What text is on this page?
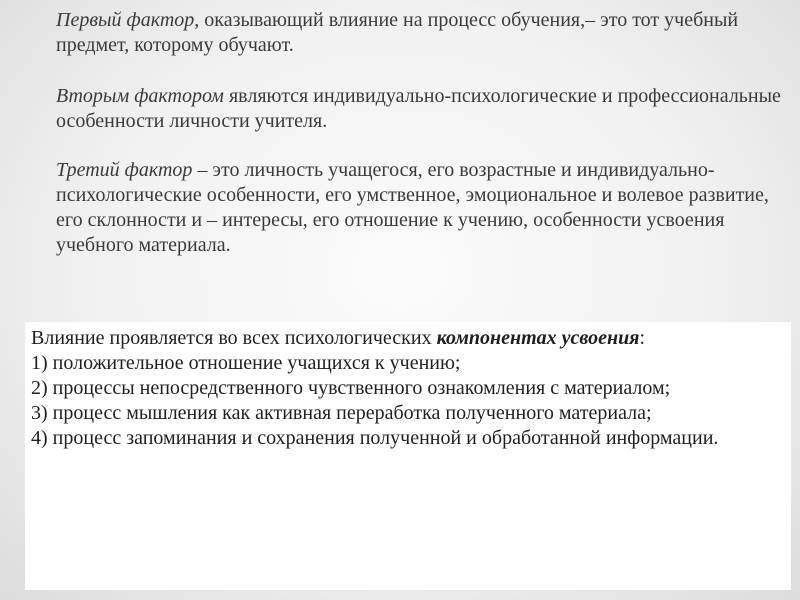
Первый фактор, оказывающий влияние на процесс обучения,– это тот учебный предмет, которому обучают.

Вторым фактором являются индивидуально-психологические и профессиональные особенности личности учителя.

Третий фактор – это личность учащегося, его возрастные и индивидуально-психологические особенности, его умственное, эмоциональное и волевое развитие, его склонности и – интересы, его отношение к учению, особенности усвоения учебного материала.

Влияние проявляется во всех психологических компонентах усвоения:

1) положительное отношение учащихся к учению;

2) процессы непосредственного чувственного ознакомления с материалом;

3) процесс мышления как активная переработка полученного материала;

4) процесс запоминания и сохранения полученной и обработанной информации.
